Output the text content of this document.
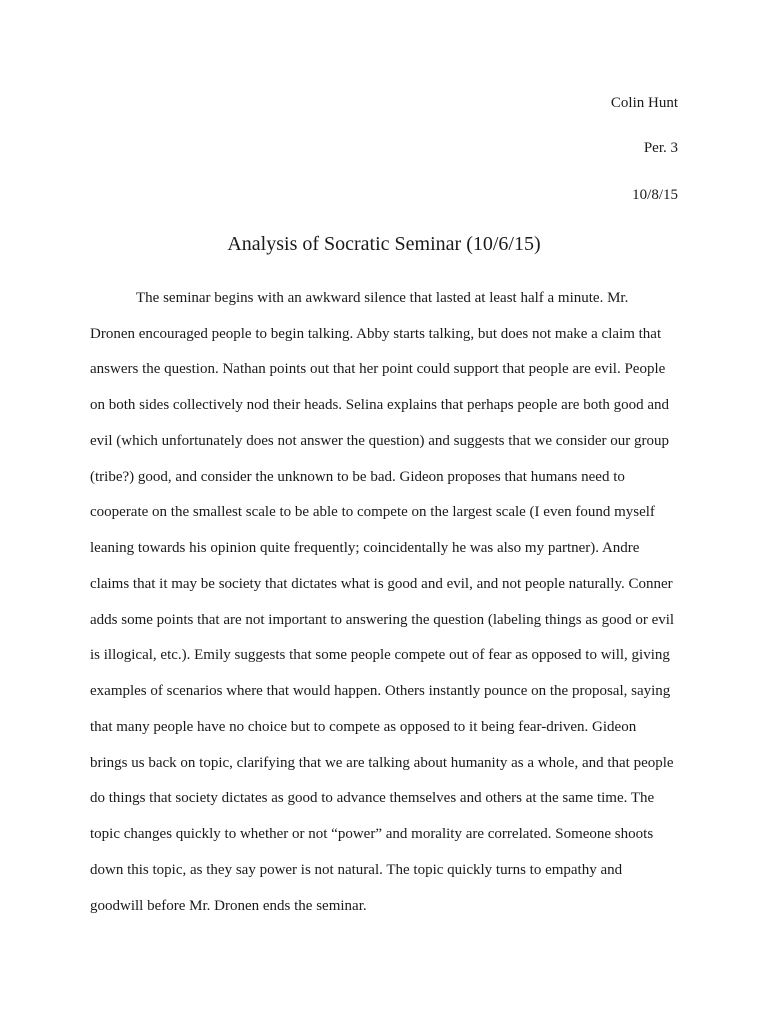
Colin Hunt
Per. 3
10/8/15
Analysis of Socratic Seminar (10/6/15)
The seminar begins with an awkward silence that lasted at least half a minute. Mr.
Dronen encouraged people to begin talking. Abby starts talking, but does not make a claim that
answers the question. Nathan points out that her point could support that people are evil. People
on both sides collectively nod their heads. Selina explains that perhaps people are both good and
evil (which unfortunately does not answer the question) and suggests that we consider our group
(tribe?) good, and consider the unknown to be bad. Gideon proposes that humans need to
cooperate on the smallest scale to be able to compete on the largest scale (I even found myself
leaning towards his opinion quite frequently; coincidentally he was also my partner). Andre
claims that it may be society that dictates what is good and evil, and not people naturally. Conner
adds some points that are not important to answering the question (labeling things as good or evil
is illogical, etc.). Emily suggests that some people compete out of fear as opposed to will, giving
examples of scenarios where that would happen. Others instantly pounce on the proposal, saying
that many people have no choice but to compete as opposed to it being fear-driven. Gideon
brings us back on topic, clarifying that we are talking about humanity as a whole, and that people
do things that society dictates as good to advance themselves and others at the same time. The
topic changes quickly to whether or not “power” and morality are correlated. Someone shoots
down this topic, as they say power is not natural. The topic quickly turns to empathy and
goodwill before Mr. Dronen ends the seminar.
